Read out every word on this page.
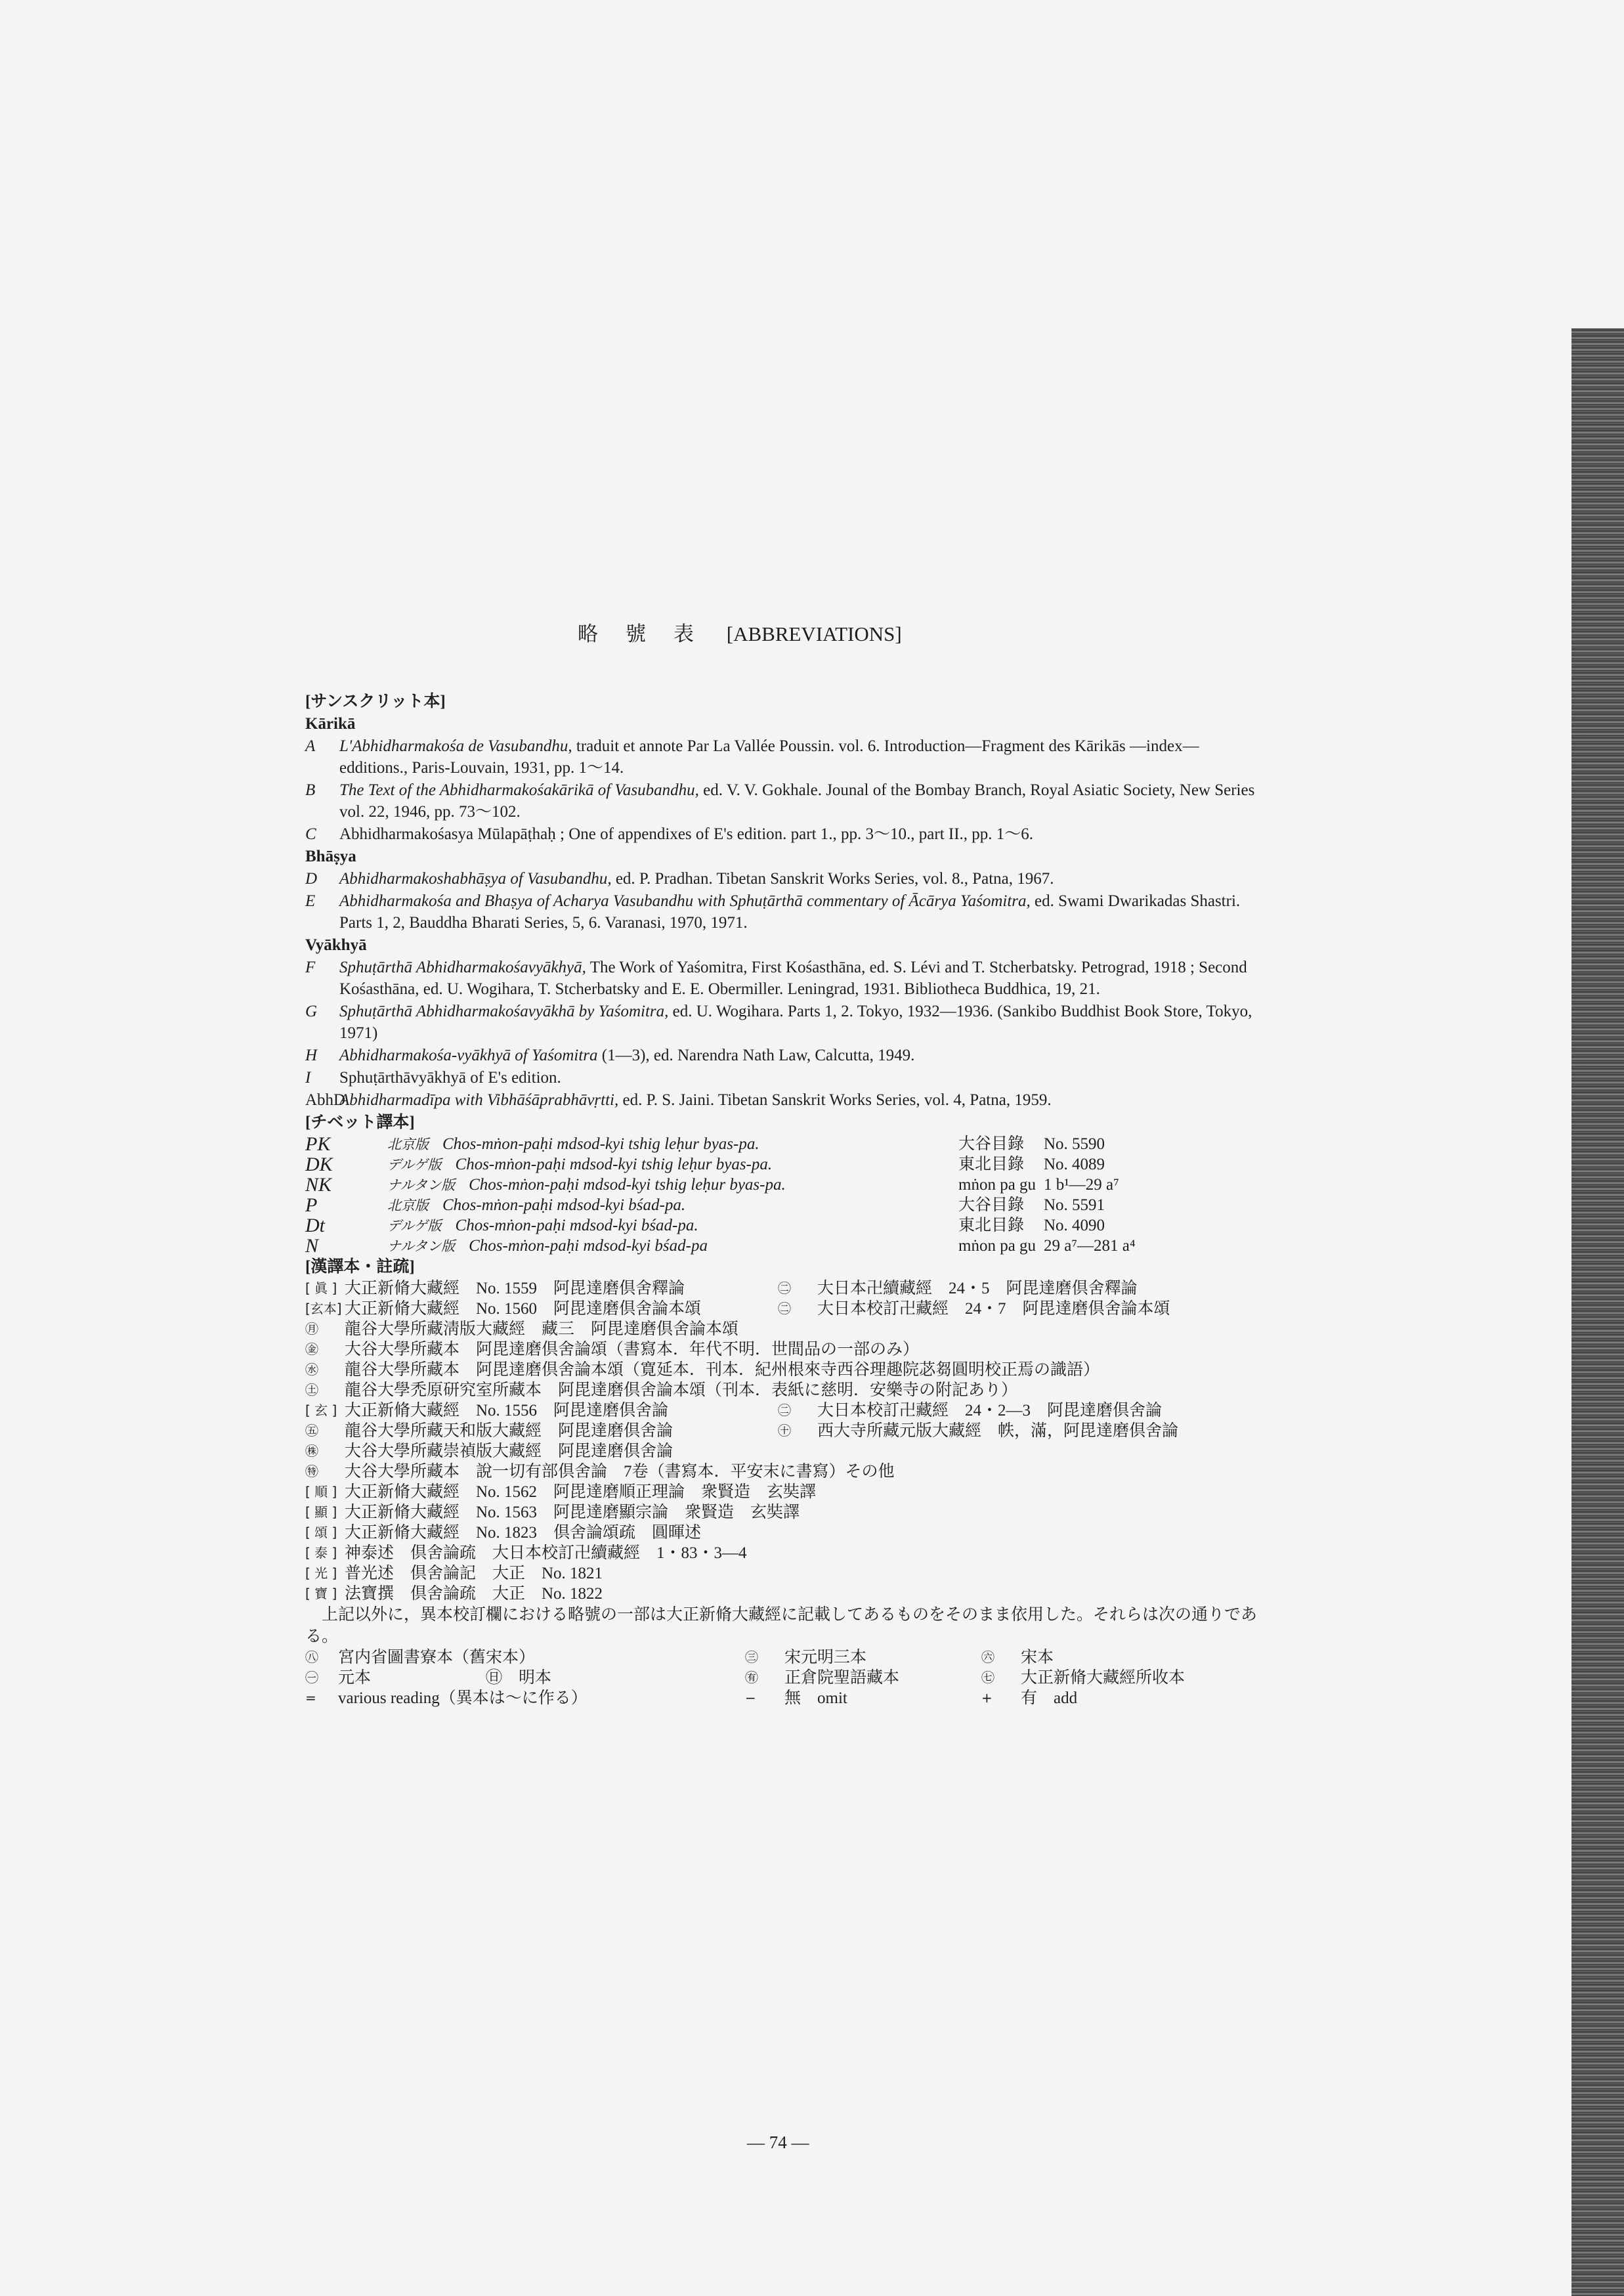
略號表 [ABBREVIATIONS]
[サンスクリット本]
Kārikā
A L'Abhidharmakośa de Vasubandhu, traduit et annote Par La Vallée Poussin. vol. 6. Introduction—Fragment des Kārikās —index— edditions., Paris-Louvain, 1931, pp. 1〜14.
B The Text of the Abhidharmakośakārikā of Vasubandhu, ed. V. V. Gokhale. Jounal of the Bombay Branch, Royal Asiatic Society, New Series vol. 22, 1946, pp. 73〜102.
C Abhidharmakośasya Mūlapāṭhaḥ ; One of appendixes of E's edition. part 1., pp. 3〜10., part II., pp. 1〜6.
Bhāṣya
D Abhidharmakoshabhāṣya of Vasubandhu, ed. P. Pradhan. Tibetan Sanskrit Works Series, vol. 8., Patna, 1967.
E Abhidharmakośa and Bhaṣya of Acharya Vasubandhu with Sphuṭārthā commentary of Ācārya Yaśomitra, ed. Swami Dwarikadas Shastri. Parts 1, 2, Bauddha Bharati Series, 5, 6. Varanasi, 1970, 1971.
Vyākhyā
F Sphuṭārthā Abhidharmakośavyākhyā, The Work of Yaśomitra, First Kośasthāna, ed. S. Lévi and T. Stcherbatsky. Petrograd, 1918 ; Second Kośasthāna, ed. U. Wogihara, T. Stcherbatsky and E. E. Obermiller. Leningrad, 1931. Bibliotheca Buddhica, 19, 21.
G Sphuṭārthā Abhidharmakośavyākhā by Yaśomitra, ed. U. Wogihara. Parts 1, 2. Tokyo, 1932—1936. (Sankibo Buddhist Book Store, Tokyo, 1971)
H Abhidharmakośa-vyākhyā of Yaśomitra (1—3), ed. Narendra Nath Law, Calcutta, 1949.
I Sphuṭārthāvyākhyā of E's edition.
AbhD
Abhidharmadīpa with Vibhāśāprabhāvṛtti, ed. P. S. Jaini. Tibetan Sanskrit Works Series, vol. 4, Patna, 1959.
[チベット譯本]
PK	北京版　Chos-mṅon-paḥi mdsod-kyi tshig leḥur byas-pa.	大谷目錄	No. 5590
DK	デルゲ版　Chos-mṅon-paḥi mdsod-kyi tshig leḥur byas-pa.	東北目錄	No. 4089
NK	ナルタン版　Chos-mṅon-paḥi mdsod-kyi tshig leḥur byas-pa.	mṅon pa gu 1 b¹—29 a⁷
P	北京版　Chos-mṅon-paḥi mdsod-kyi bśad-pa.	大谷目錄	No. 5591
Dt	デルゲ版　Chos-mṅon-paḥi mdsod-kyi bśad-pa.	東北目錄	No. 4090
N	ナルタン版　Chos-mṅon-paḥi mdsod-kyi bśad-pa	mṅon pa gu 29 a⁷—281 a⁴
[漢譯本・註疏]
[ 眞 ] 大正新脩大藏經　No. 1559　阿毘達磨倶舍釋論	㊁	大日本卍續藏經　24・5　阿毘達磨倶舍釋論
[玄本] 大正新脩大藏經　No. 1560　阿毘達磨倶舍論本頌	㊁	大日本校訂卍藏經　24・7　阿毘達磨倶舍論本頌
㊊	龍谷大學所藏淸版大藏經　藏三　阿毘達磨倶舍論本頌
㊎	大谷大學所藏本　阿毘達磨倶舍論頌（書寫本．年代不明．世間品の一部のみ）
㊌	龍谷大學所藏本　阿毘達磨倶舍論本頌（寛延本．刊本．紀州根來寺西谷理趣院苾芻圓明校正焉の識語）
㊏	龍谷大學禿原研究室所藏本　阿毘達磨倶舍論本頌（刊本．表紙に慈明．安樂寺の附記あり）
[ 玄 ] 大正新脩大藏經　No. 1556　阿毘達磨倶舍論	㊁	大日本校訂卍藏經　24・2—3　阿毘達磨倶舍論
㊄	龍谷大學所藏天和版大藏經　阿毘達磨倶舍論	㊉	西大寺所藏元版大藏經　帙，滿，阿毘達磨倶舍論
㊑	大谷大學所藏崇禎版大藏經　阿毘達磨倶舍論
㊕	大谷大學所藏本　說一切有部倶舍論　7卷（書寫本．平安末に書寫）その他
[ 順 ] 大正新脩大藏經　No. 1562　阿毘達磨順正理論　衆賢造　玄奘譯
[ 顯 ] 大正新脩大藏經　No. 1563　阿毘達磨顯宗論　衆賢造　玄奘譯
[ 頌 ] 大正新脩大藏經　No. 1823　倶舍論頌疏　圓暉述
[ 泰 ] 神泰述　倶舍論疏　大日本校訂卍續藏經　1・83・3—4
[ 光 ] 普光述　倶舍論記　大正　No. 1821
[ 寶 ] 法寶撰　倶舍論疏　大正　No. 1822
上記以外に，異本校訂欄における略號の一部は大正新脩大藏經に記載してあるものをそのまま依用した。それらは次の通りである。
㊇	宮内省圖書寮本（舊宋本）	㊂	宋元明三本	㊅	宋本
㊀	元本　　　　　　　㊐　明本	㊒	正倉院聖語藏本	㊆	大正新脩大藏經所收本
=	various reading（異本は〜に作る）	−	無　omit	+	有　add
— 74 —
